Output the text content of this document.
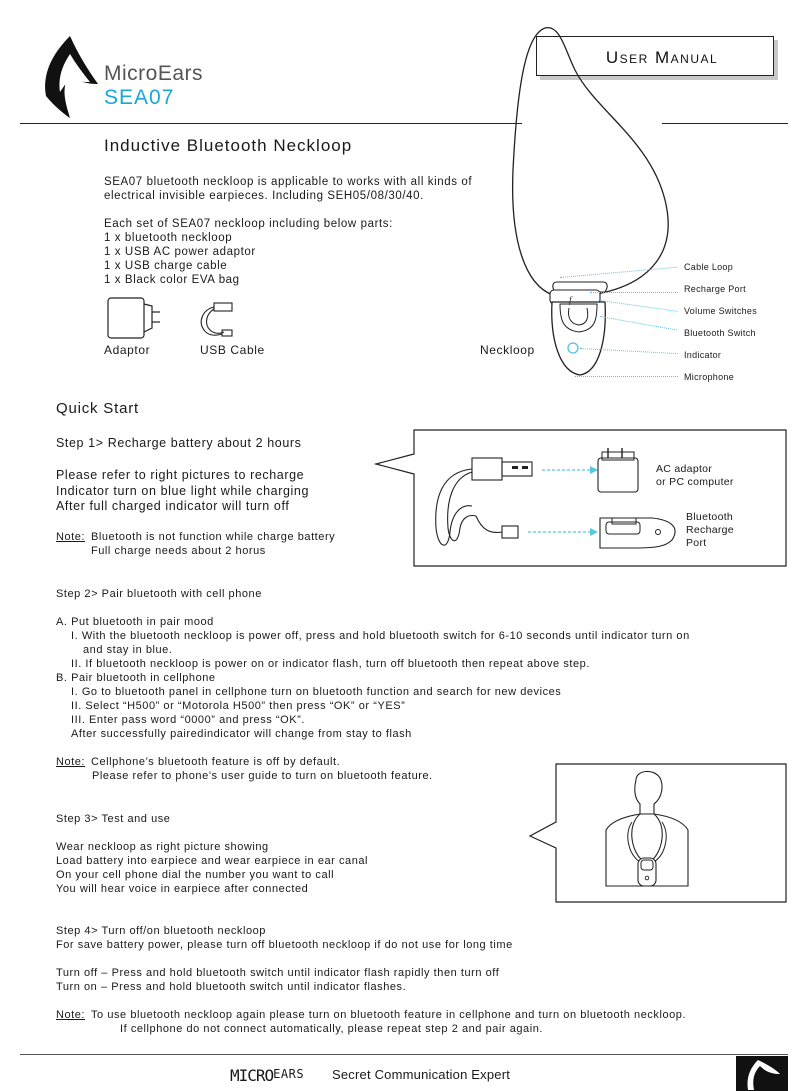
MicroEars
SEA07
User Manual
Inductive Bluetooth Neckloop
SEA07 bluetooth neckloop is applicable to works with all kinds of
electrical invisible earpieces. Including SEH05/08/30/40.
Each set of SEA07 neckloop including below parts:
1 x bluetooth neckloop
1 x USB AC power adaptor
1 x USB charge cable
1 x Black color EVA bag
Adaptor	USB Cable	Neckloop
f
Cable Loop
Recharge Port
Volume Switches
Bluetooth Switch
Indicator
Microphone
Quick Start
Step 1> Recharge battery about 2 hours
Please refer to right pictures to recharge
Indicator turn on blue light while charging
After full charged indicator will turn off
Note: Bluetooth is not function while charge battery
Full charge needs about 2 horus
AC adaptor
or PC computer
Bluetooth
Recharge
Port
Step 2> Pair bluetooth with cell phone
A. Put bluetooth in pair mood
I. With the bluetooth neckloop is power off, press and hold bluetooth switch for 6-10 seconds until indicator turn on
and stay in blue.
II. If bluetooth neckloop is power on or indicator flash, turn off bluetooth then repeat above step.
B. Pair bluetooth in cellphone
I. Go to bluetooth panel in cellphone turn on bluetooth function and search for new devices
II. Select “H500” or “Motorola H500” then press “OK” or “YES”
III. Enter pass word “0000” and press “OK”.
After successfully pairedindicator will change from stay to flash
Note: Cellphone’s bluetooth feature is off by default.
Please refer to phone’s user guide to turn on bluetooth feature.
Step 3> Test and use
Wear neckloop as right picture showing
Load battery into earpiece and wear earpiece in ear canal
On your cell phone dial the number you want to call
You will hear voice in earpiece after connected
Step 4> Turn off/on bluetooth neckloop
For save battery power, please turn off bluetooth neckloop if do not use for long time
Turn off – Press and hold bluetooth switch until indicator flash rapidly then turn off
Turn on – Press and hold bluetooth switch until indicator flashes.
Note: To use bluetooth neckloop again please turn on bluetooth feature in cellphone and turn on bluetooth neckloop.
If cellphone do not connect automatically, please repeat step 2 and pair again.
MICROEARS Secret Communication Expert
